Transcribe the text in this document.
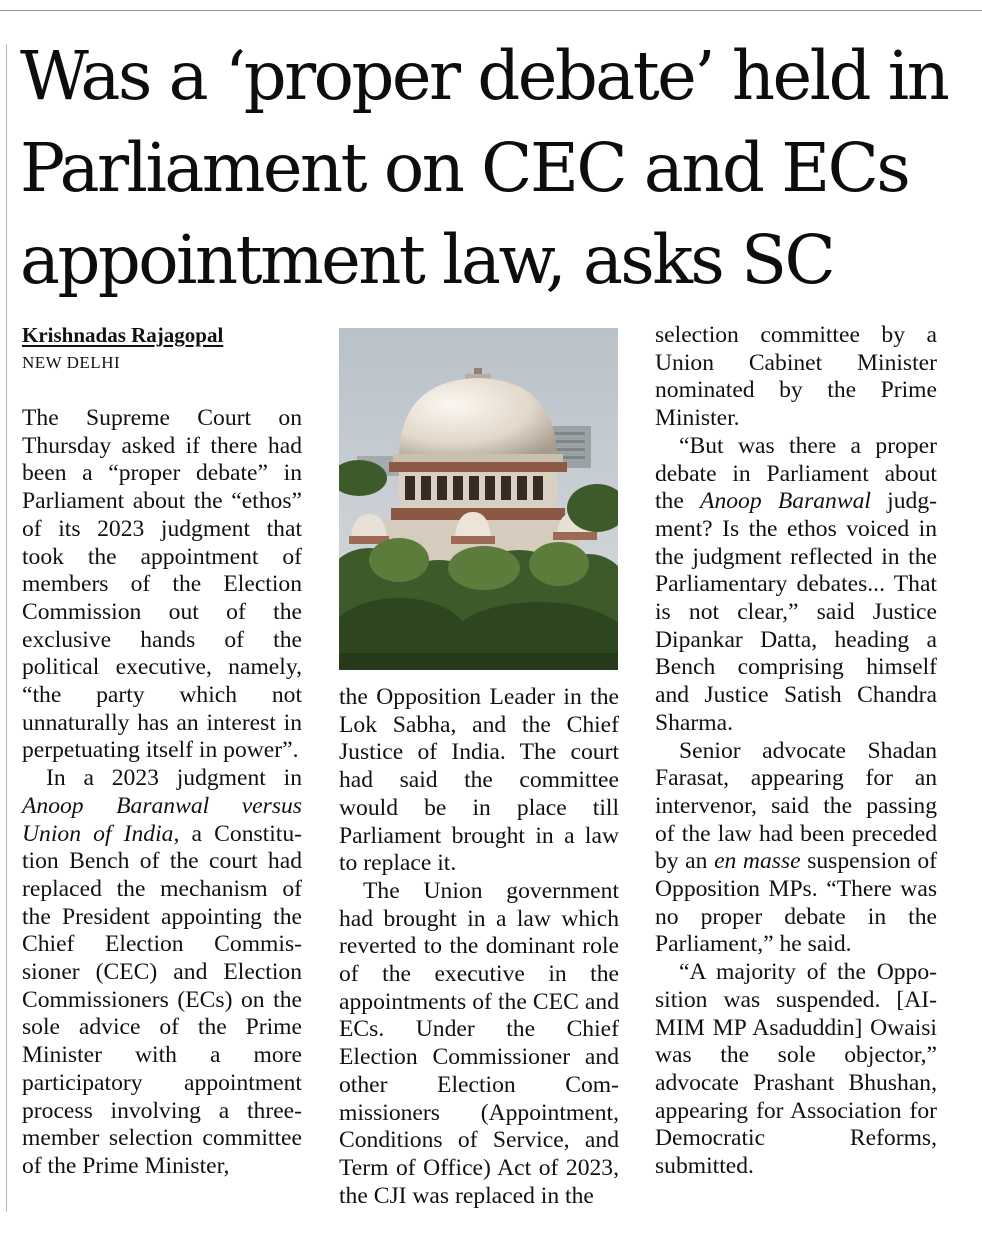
Was a ‘proper debate’ held in Parliament on CEC and ECs appointment law, asks SC
Krishnadas Rajagopal
NEW DELHI

The Supreme Court on Thursday asked if there had been a “proper debate” in Parliament about the “ethos” of its 2023 judgment that took the appointment of members of the Election Commission out of the exclusive hands of the political executive, namely, “the party which not unnaturally has an interest in perpetuating itself in power”.

In a 2023 judgment in Anoop Baranwal versus Union of India, a Constitution Bench of the court had replaced the mechanism of the President appointing the Chief Election Commissioner (CEC) and Election Commissioners (ECs) on the sole advice of the Prime Minister with a more participatory appointment process involving a three-member selection committee of the Prime Minister,

the Opposition Leader in the Lok Sabha, and the Chief Justice of India. The court had said the committee would be in place till Parliament brought in a law to replace it.

The Union government had brought in a law which reverted to the dominant role of the executive in the appointments of the CEC and ECs. Under the Chief Election Commissioner and other Election Commissioners (Appointment, Conditions of Service, and Term of Office) Act of 2023, the CJI was replaced in the

selection committee by a Union Cabinet Minister nominated by the Prime Minister.

“But was there a proper debate in Parliament about the Anoop Baranwal judgment? Is the ethos voiced in the judgment reflected in the Parliamentary debates... That is not clear,” said Justice Dipankar Datta, heading a Bench comprising himself and Justice Satish Chandra Sharma.

Senior advocate Shadan Farasat, appearing for an intervenor, said the passing of the law had been preceded by an en masse suspension of Opposition MPs. “There was no proper debate in the Parliament,” he said.

“A majority of the Opposition was suspended. [AIMIM MP Asaduddin] Owaisi was the sole objector,” advocate Prashant Bhushan, appearing for Association for Democratic Reforms, submitted.
